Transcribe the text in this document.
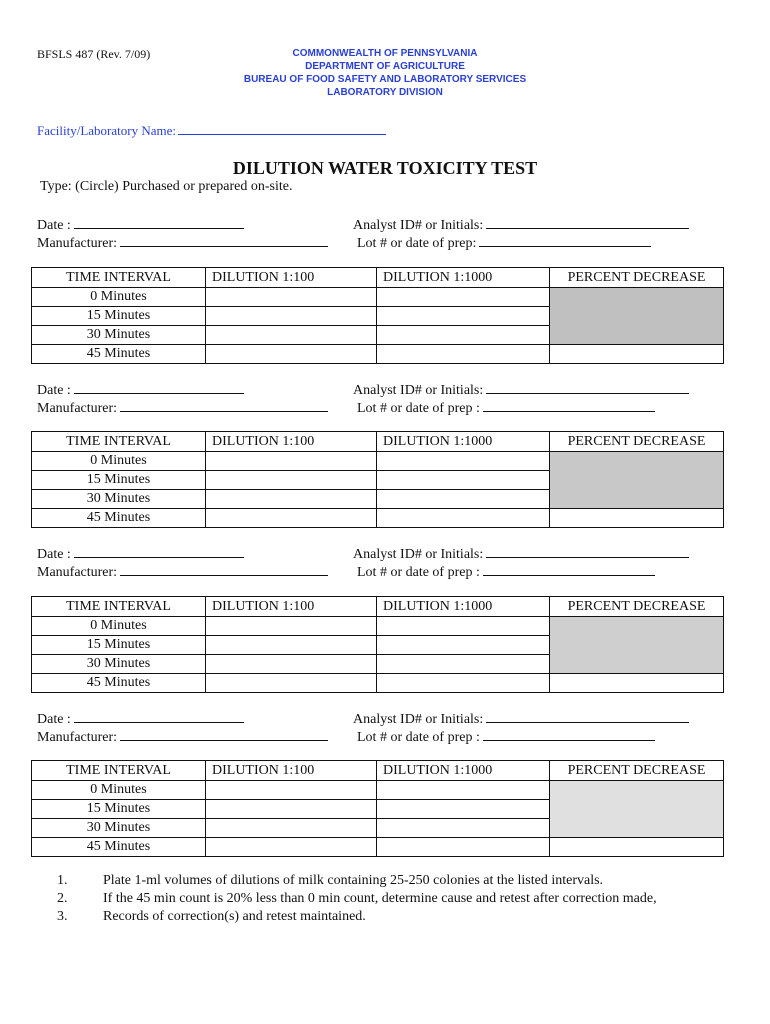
BFSLS 487 (Rev. 7/09)	COMMONWEALTH OF PENNSYLVANIA
DEPARTMENT OF AGRICULTURE
BUREAU OF FOOD SAFETY AND LABORATORY SERVICES
LABORATORY DIVISION
Facility/Laboratory Name:
DILUTION WATER TOXICITY TEST
Type: (Circle) Purchased or prepared on-site.
Date :
Manufacturer:
Analyst ID# or Initials:
Lot # or date of prep:
TIME INTERVAL	DILUTION 1:100	DILUTION 1:1000	PERCENT DECREASE
0 Minutes			
15 Minutes			
30 Minutes			
45 Minutes			
Date :
Manufacturer:
Analyst ID# or Initials:
Lot # or date of prep :
TIME INTERVAL	DILUTION 1:100	DILUTION 1:1000	PERCENT DECREASE
0 Minutes			
15 Minutes			
30 Minutes			
45 Minutes			
Date :
Manufacturer:
Analyst ID# or Initials:
Lot # or date of prep :
TIME INTERVAL	DILUTION 1:100	DILUTION 1:1000	PERCENT DECREASE
0 Minutes			
15 Minutes			
30 Minutes			
45 Minutes			
Date :
Manufacturer:
Analyst ID# or Initials:
Lot # or date of prep :
TIME INTERVAL	DILUTION 1:100	DILUTION 1:1000	PERCENT DECREASE
0 Minutes			
15 Minutes			
30 Minutes			
45 Minutes			
1.	Plate 1-ml volumes of dilutions of milk containing 25-250 colonies at the listed intervals.
2.	If the 45 min count is 20% less than 0 min count, determine cause and retest after correction made,
3.	Records of correction(s) and retest maintained.
